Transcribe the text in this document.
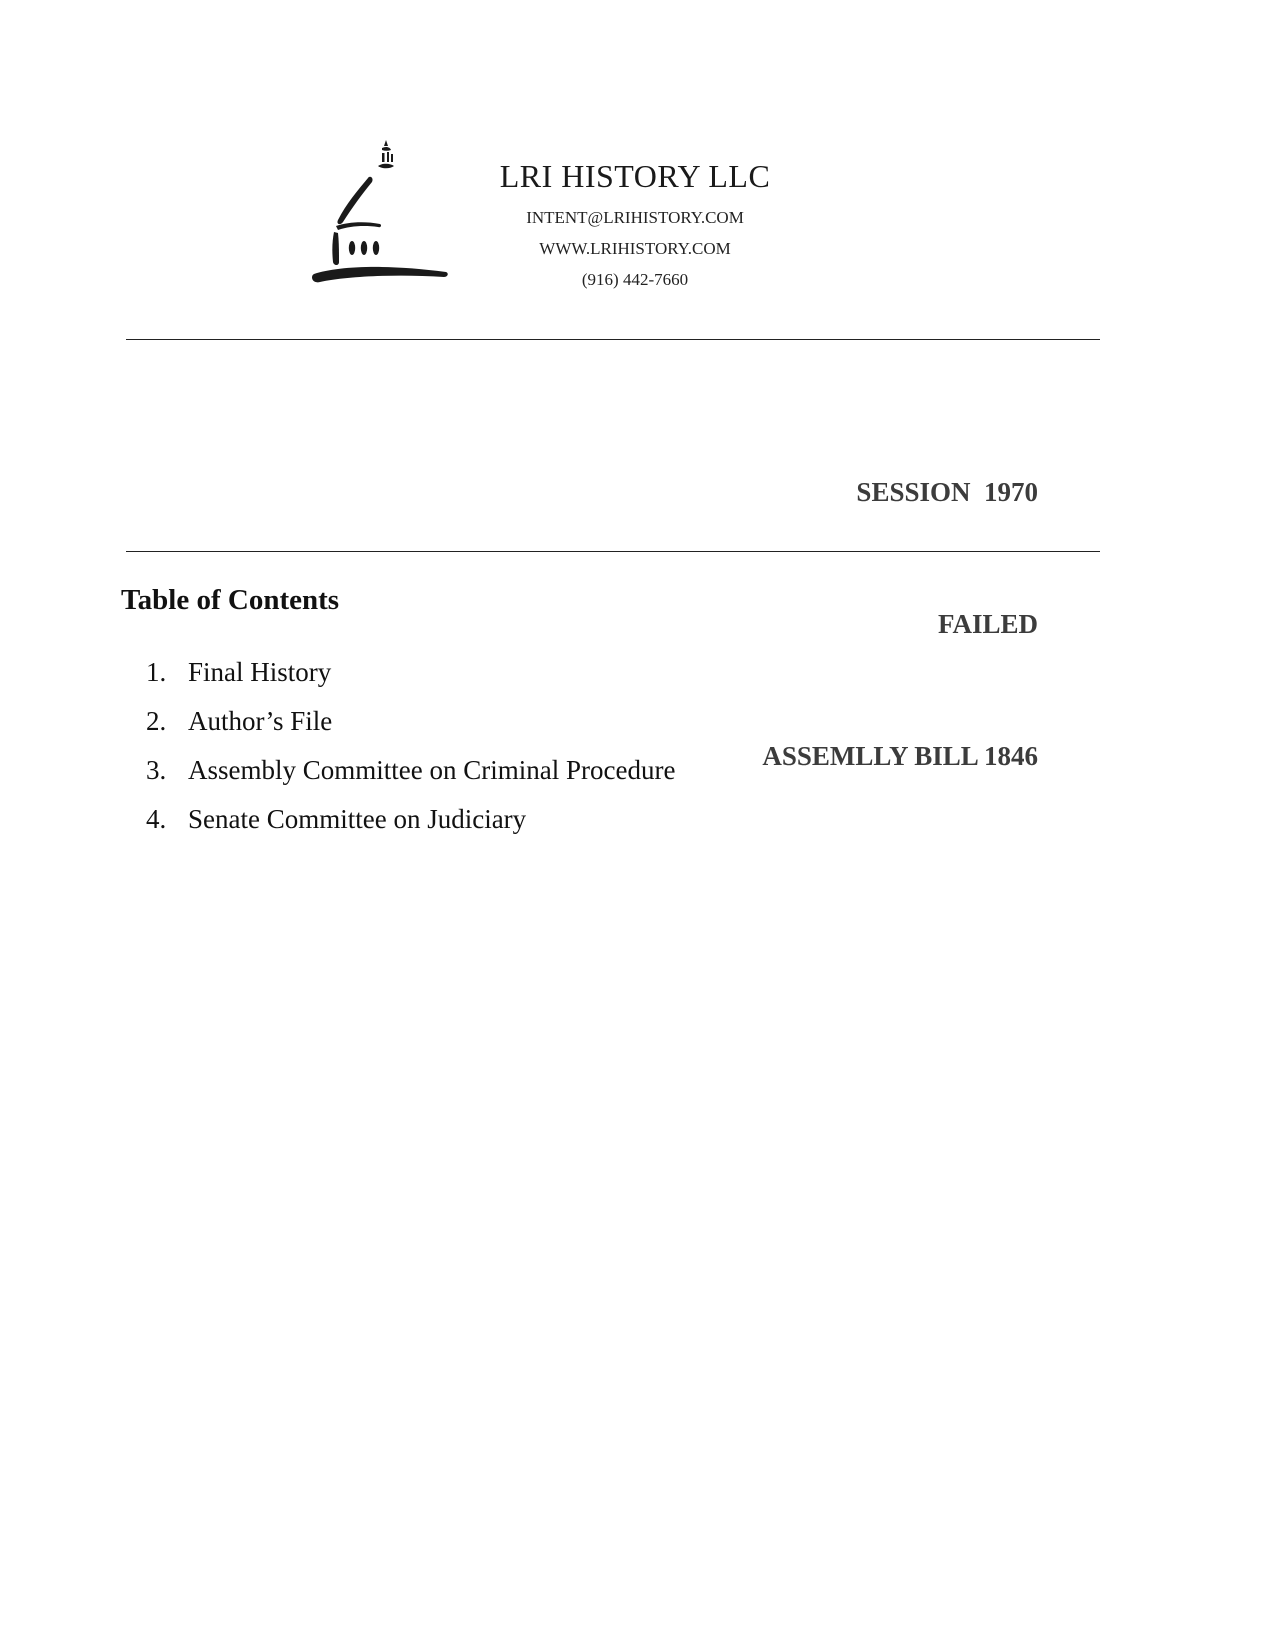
LRI HISTORY LLC
INTENT@LRIHISTORY.COM
WWW.LRIHISTORY.COM
(916) 442-7660

SESSION  1970

FAILED

ASSEMLLY BILL 1846

Table of Contents
1. Final History
2. Author’s File
3. Assembly Committee on Criminal Procedure
4. Senate Committee on Judiciary
